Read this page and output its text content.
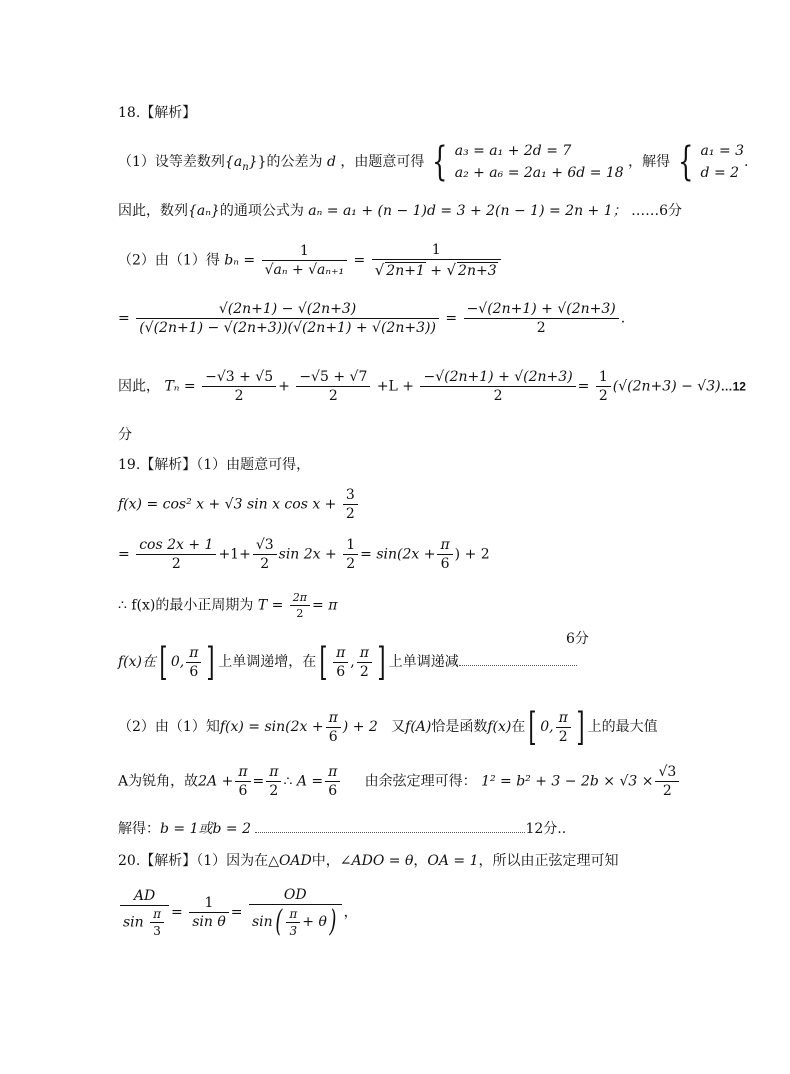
18.【解析】
（1）设等差数列$\{a_n\}$}的公差为 d ，由题意可得 { a₃ = a₁ + 2d = 7
a₂ + a₆ = 2a₁ + 6d = 18 ，解得 { a₁ = 3
d = 2.
因此，数列{aₙ}的通项公式为 aₙ = a₁ + (n − 1)d = 3 + 2(n − 1) = 2n + 1； ……6分
（2）由（1）得 $b_n = \frac{1}{\text{√aₙ + √aₙ₊₁}} = \frac{1}{√ 2n+1 + √ 2n+3}$
= $\frac{√(2n+1) - √(2n+3)}{(√(2n+1) - √(2n+3))(√(2n+1) + √(2n+3))} = \frac{-√(2n+1) + √(2n+3)}{2}$ .
因此， $T_n = \frac{-√3 + √5}{2} + \frac{-√5 + √7}{2} +L + \frac{-√(2n+1) + √(2n+3)}{2} = \frac{1}{2} (√(2n+3)$ − √3)…12
分
19.【解析】（1）由题意可得，
f(x) = cos² x + √3 sin x $\cos x + \frac{3}{2}$
= $\frac{\cos 2x + 1}{2} +1+ \frac{√3}{2}$ $\sin 2x + \frac{1}{2} = \sin(2x + \frac{\pi}{6}$ ) + 2
∴ f(x)的最小正周期为 $T = \frac{2\pi}{2} = \pi$
6分
f(x)在[ 0, $\frac{\pi}{6}$ ] 上单调递增，在[ $\frac{\pi}{6}$ , $\frac{\pi}{2}$ ] 上单调递减
（2）由（1）知$f(x) = \sin(2x + \frac{\pi}{6}$ ) + 2 又f(A)恰是函数f(x)在[ 0, $\frac{\pi}{2}$ ] 上的最大值
A为锐角，故$2A + \frac{\pi}{6} = \frac{\pi}{2}$ ∴ $A = \frac{\pi}{6}$ 由余弦定理可得： $1^2 = b^2 + 3 - 2b \times √3 \times \frac{√3}{2}$
解得：b = 1或b = 2	12分..
20.【解析】（1）因为在△OAD中，∠ADO = θ，OA = 1，所以由正弦定理可知
$\frac{AD}{\sin \frac{\pi}{3}} = \frac{1}{\text{sin θ}} = \frac{OD}{\sin( \frac{\pi}{3} + \theta)}$ ，
